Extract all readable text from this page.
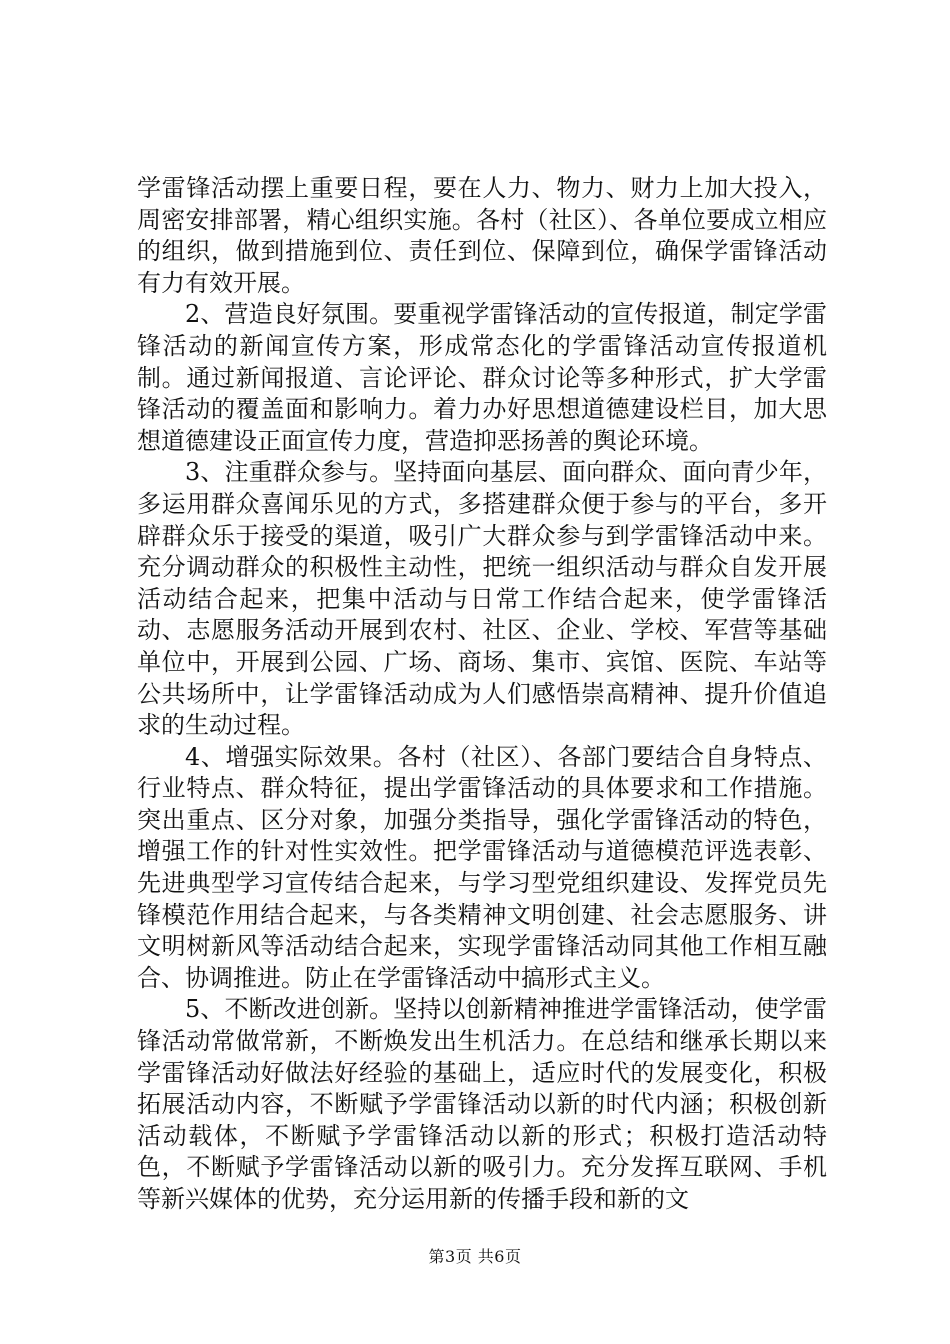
学雷锋活动摆上重要日程，要在人力、物力、财力上加大投入，周密安排部署，精心组织实施。各村（社区）、各单位要成立相应的组织，做到措施到位、责任到位、保障到位，确保学雷锋活动有力有效开展。

2、营造良好氛围。要重视学雷锋活动的宣传报道，制定学雷锋活动的新闻宣传方案，形成常态化的学雷锋活动宣传报道机制。通过新闻报道、言论评论、群众讨论等多种形式，扩大学雷锋活动的覆盖面和影响力。着力办好思想道德建设栏目，加大思想道德建设正面宣传力度，营造抑恶扬善的舆论环境。

3、注重群众参与。坚持面向基层、面向群众、面向青少年，多运用群众喜闻乐见的方式，多搭建群众便于参与的平台，多开辟群众乐于接受的渠道，吸引广大群众参与到学雷锋活动中来。充分调动群众的积极性主动性，把统一组织活动与群众自发开展活动结合起来，把集中活动与日常工作结合起来，使学雷锋活动、志愿服务活动开展到农村、社区、企业、学校、军营等基础单位中，开展到公园、广场、商场、集市、宾馆、医院、车站等公共场所中，让学雷锋活动成为人们感悟崇高精神、提升价值追求的生动过程。

4、增强实际效果。各村（社区）、各部门要结合自身特点、行业特点、群众特征，提出学雷锋活动的具体要求和工作措施。突出重点、区分对象，加强分类指导，强化学雷锋活动的特色，增强工作的针对性实效性。把学雷锋活动与道德模范评选表彰、先进典型学习宣传结合起来，与学习型党组织建设、发挥党员先锋模范作用结合起来，与各类精神文明创建、社会志愿服务、讲文明树新风等活动结合起来，实现学雷锋活动同其他工作相互融合、协调推进。防止在学雷锋活动中搞形式主义。

5、不断改进创新。坚持以创新精神推进学雷锋活动，使学雷锋活动常做常新，不断焕发出生机活力。在总结和继承长期以来学雷锋活动好做法好经验的基础上，适应时代的发展变化，积极拓展活动内容，不断赋予学雷锋活动以新的时代内涵；积极创新活动载体，不断赋予学雷锋活动以新的形式；积极打造活动特色，不断赋予学雷锋活动以新的吸引力。充分发挥互联网、手机等新兴媒体的优势，充分运用新的传播手段和新的文

第3页 共6页
